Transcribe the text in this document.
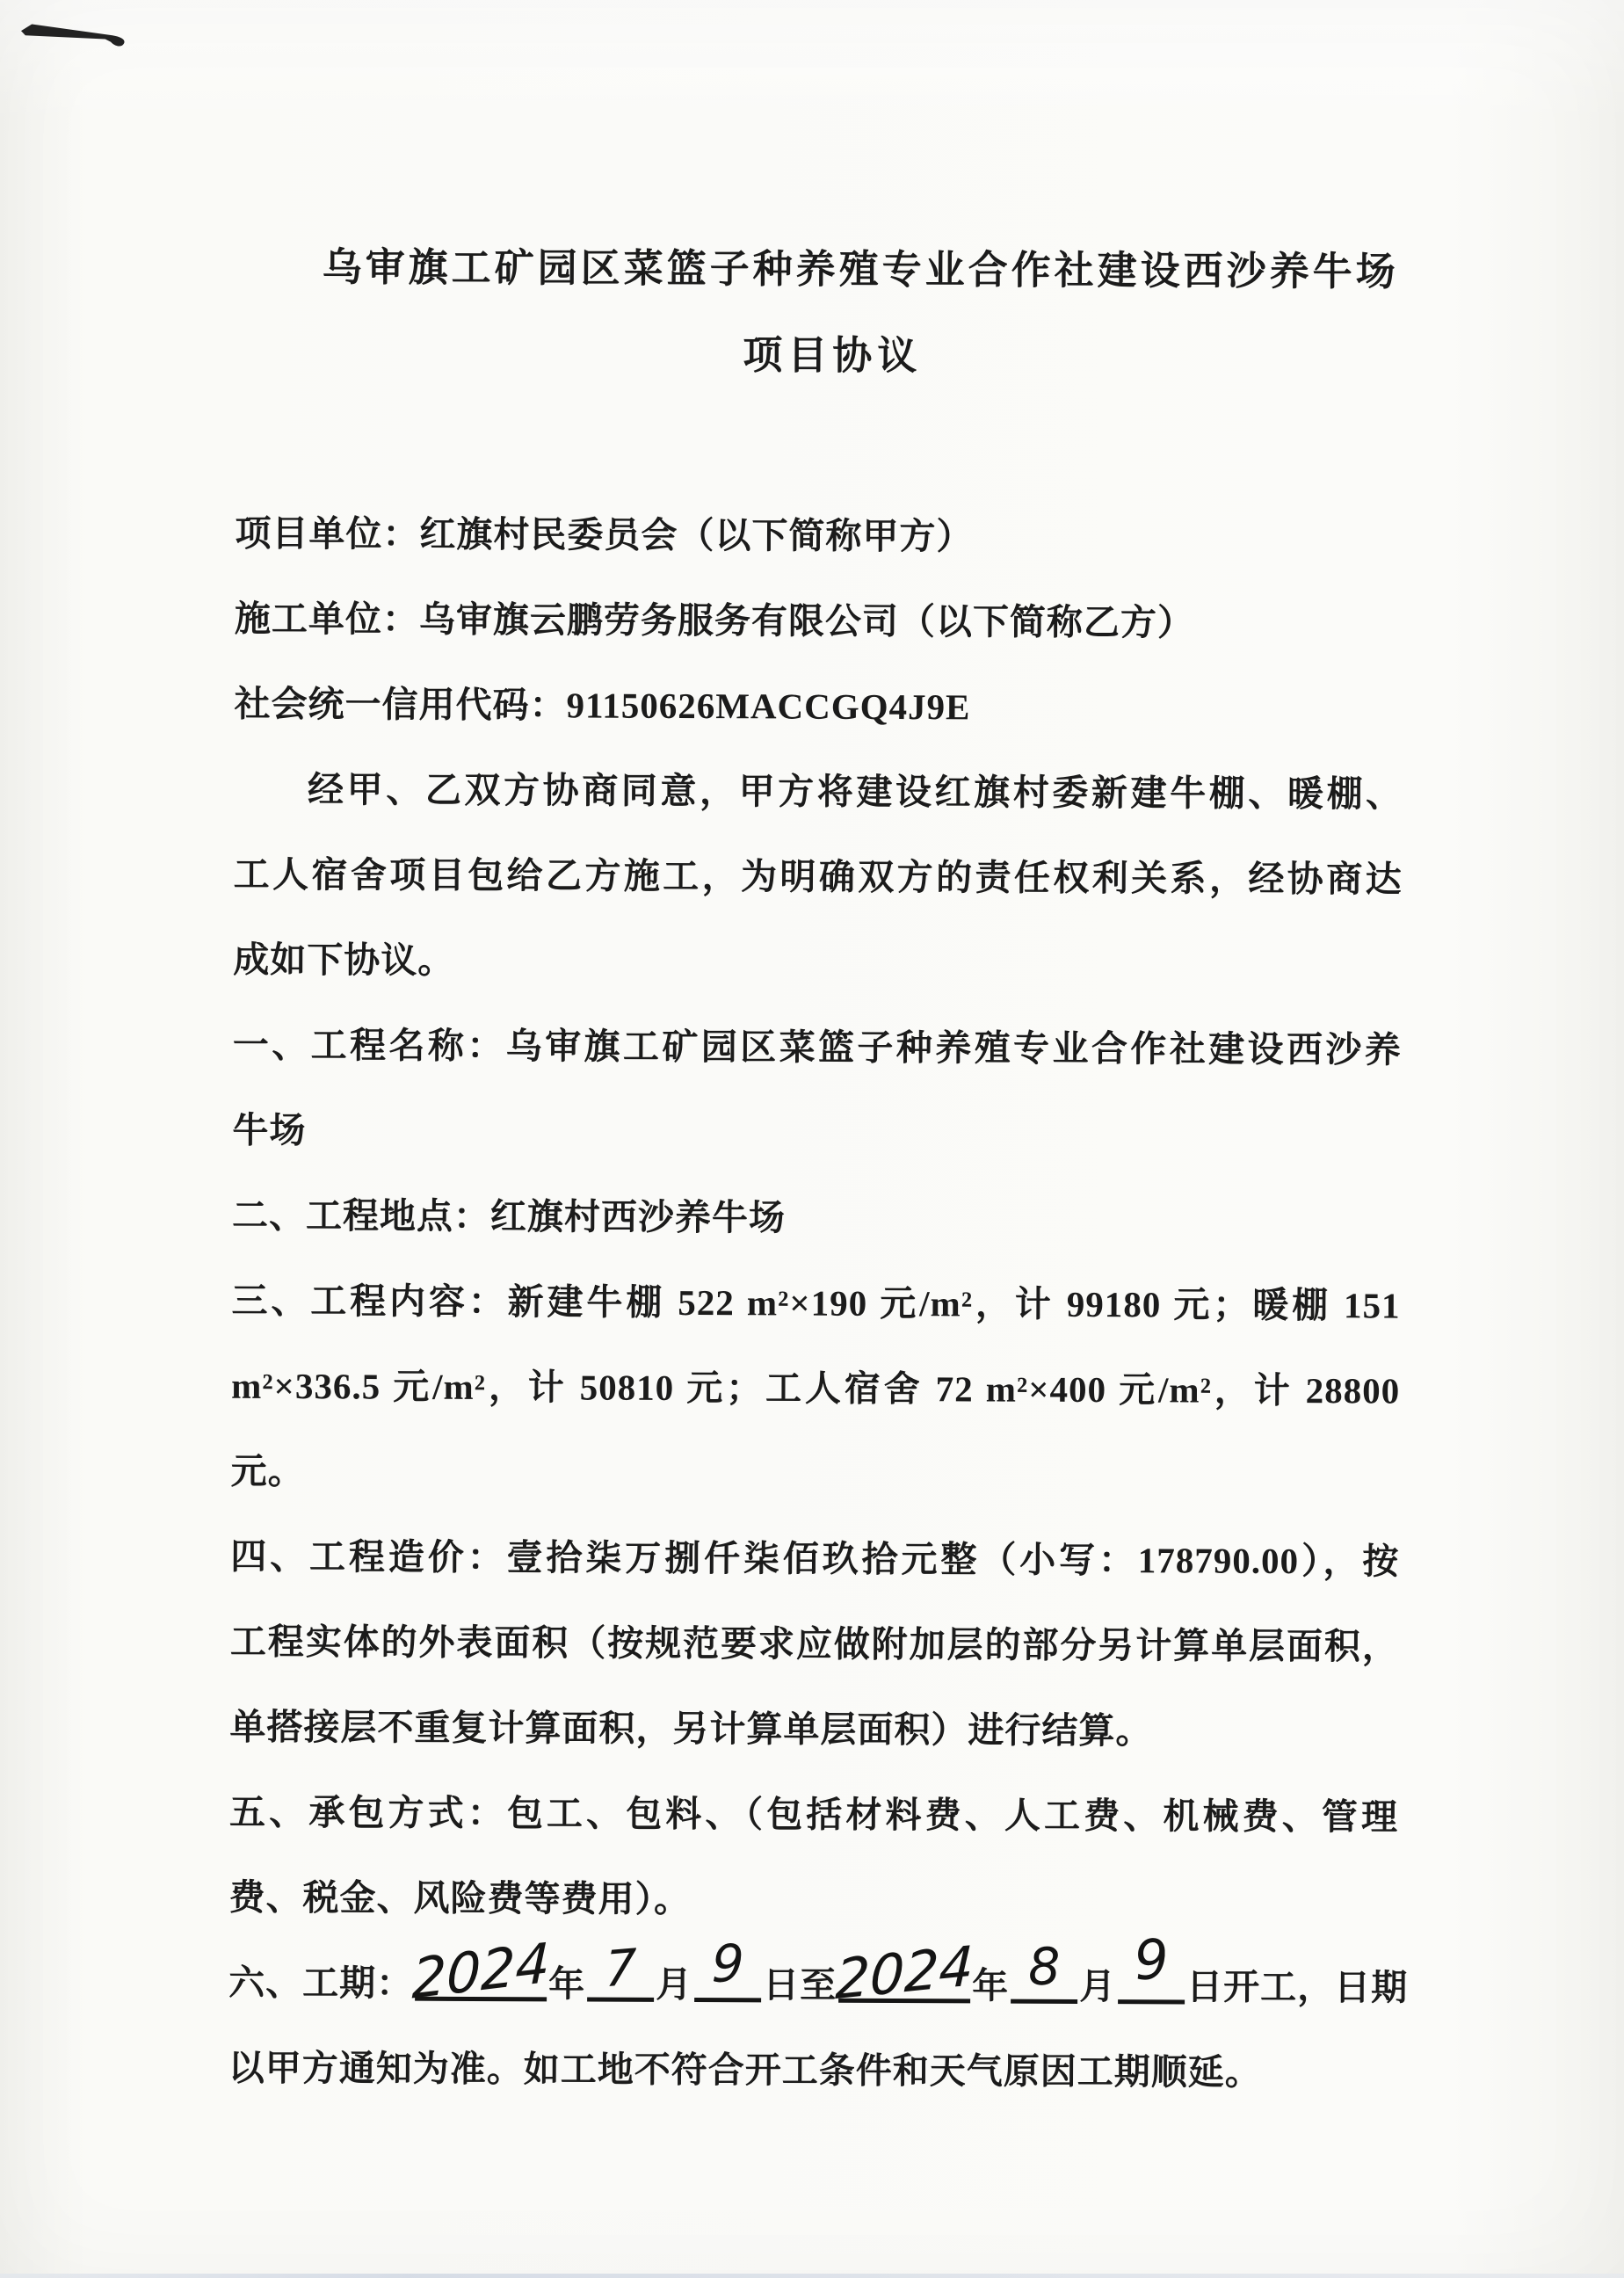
乌审旗工矿园区菜篮子种养殖专业合作社建设西沙养牛场
项目协议
项目单位：红旗村民委员会（以下简称甲方）
施工单位：乌审旗云鹏劳务服务有限公司（以下简称乙方）
社会统一信用代码：91150626MACCGQ4J9E
经甲、乙双方协商同意，甲方将建设红旗村委新建牛棚、暖棚、
工人宿舍项目包给乙方施工，为明确双方的责任权利关系，经协商达
成如下协议。
一、工程名称：乌审旗工矿园区菜篮子种养殖专业合作社建设西沙养
牛场
二、工程地点：红旗村西沙养牛场
三、工程内容：新建牛棚 522 m²×190 元/m²，计 99180 元；暖棚 151
m²×336.5 元/m²，计 50810 元；工人宿舍 72 m²×400 元/m²，计 28800
元。
四、工程造价：壹拾柒万捌仟柒佰玖拾元整（小写：178790.00），按
工程实体的外表面积（按规范要求应做附加层的部分另计算单层面积，
单搭接层不重复计算面积，另计算单层面积）进行结算。
五、承包方式：包工、包料、（包括材料费、人工费、机械费、管理
费、税金、风险费等费用）。
六、工期：
2024
年 7 月 9 日至
2024
年 8 月 9 日开工，日期
以甲方通知为准。如工地不符合开工条件和天气原因工期顺延。
